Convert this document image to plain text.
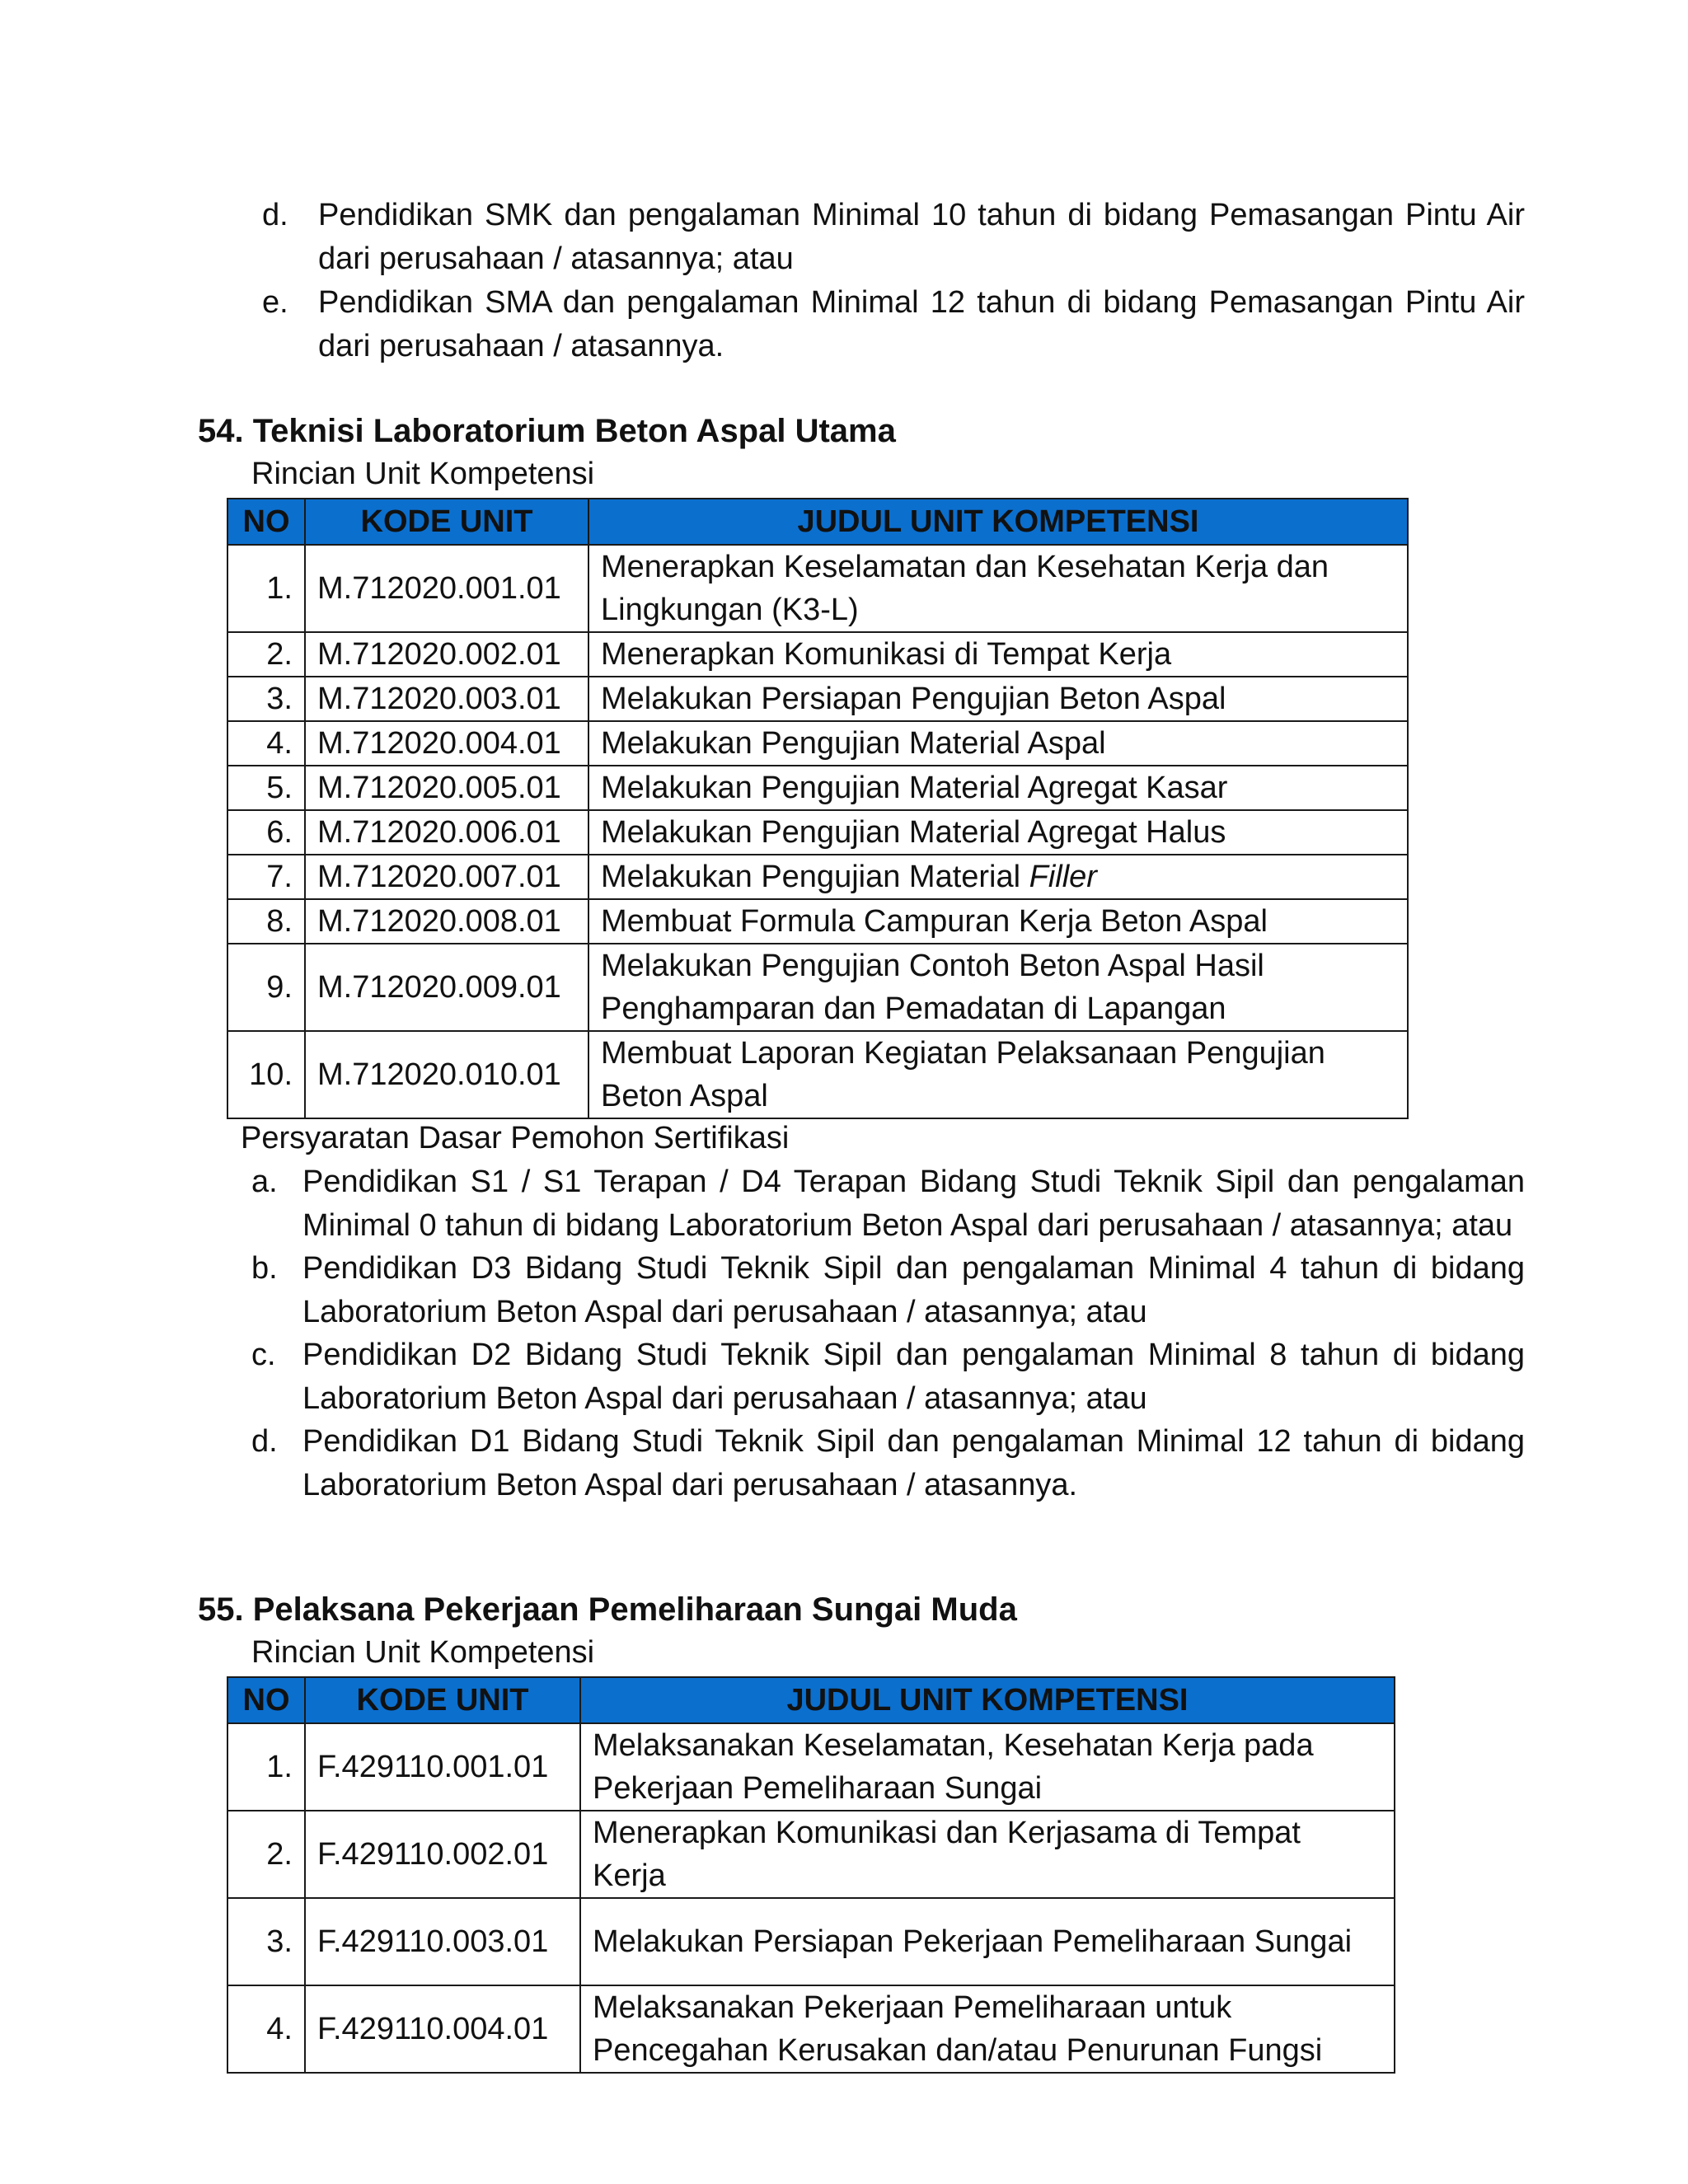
d. Pendidikan SMK dan pengalaman Minimal 10 tahun di bidang Pemasangan Pintu Air dari perusahaan / atasannya; atau
e. Pendidikan SMA dan pengalaman Minimal 12 tahun di bidang Pemasangan Pintu Air dari perusahaan / atasannya.
54. Teknisi Laboratorium Beton Aspal Utama
Rincian Unit Kompetensi
NO	KODE UNIT	JUDUL UNIT KOMPETENSI
1.	M.712020.001.01	Menerapkan Keselamatan dan Kesehatan Kerja dan Lingkungan (K3-L)
2.	M.712020.002.01	Menerapkan Komunikasi di Tempat Kerja
3.	M.712020.003.01	Melakukan Persiapan Pengujian Beton Aspal
4.	M.712020.004.01	Melakukan Pengujian Material Aspal
5.	M.712020.005.01	Melakukan Pengujian Material Agregat Kasar
6.	M.712020.006.01	Melakukan Pengujian Material Agregat Halus
7.	M.712020.007.01	Melakukan Pengujian Material Filler
8.	M.712020.008.01	Membuat Formula Campuran Kerja Beton Aspal
9.	M.712020.009.01	Melakukan Pengujian Contoh Beton Aspal Hasil Penghamparan dan Pemadatan di Lapangan
10.	M.712020.010.01	Membuat Laporan Kegiatan Pelaksanaan Pengujian Beton Aspal
Persyaratan Dasar Pemohon Sertifikasi
a. Pendidikan S1 / S1 Terapan / D4 Terapan Bidang Studi Teknik Sipil dan pengalaman Minimal 0 tahun di bidang Laboratorium Beton Aspal dari perusahaan / atasannya; atau
b. Pendidikan D3 Bidang Studi Teknik Sipil dan pengalaman Minimal 4 tahun di bidang Laboratorium Beton Aspal dari perusahaan / atasannya; atau
c. Pendidikan D2 Bidang Studi Teknik Sipil dan pengalaman Minimal 8 tahun di bidang Laboratorium Beton Aspal dari perusahaan / atasannya; atau
d. Pendidikan D1 Bidang Studi Teknik Sipil dan pengalaman Minimal 12 tahun di bidang Laboratorium Beton Aspal dari perusahaan / atasannya.
55. Pelaksana Pekerjaan Pemeliharaan Sungai Muda
Rincian Unit Kompetensi
NO	KODE UNIT	JUDUL UNIT KOMPETENSI
1.	F.429110.001.01	Melaksanakan Keselamatan, Kesehatan Kerja pada Pekerjaan Pemeliharaan Sungai
2.	F.429110.002.01	Menerapkan Komunikasi dan Kerjasama di Tempat Kerja
3.	F.429110.003.01	Melakukan Persiapan Pekerjaan Pemeliharaan Sungai
4.	F.429110.004.01	Melaksanakan Pekerjaan Pemeliharaan untuk Pencegahan Kerusakan dan/atau Penurunan Fungsi
